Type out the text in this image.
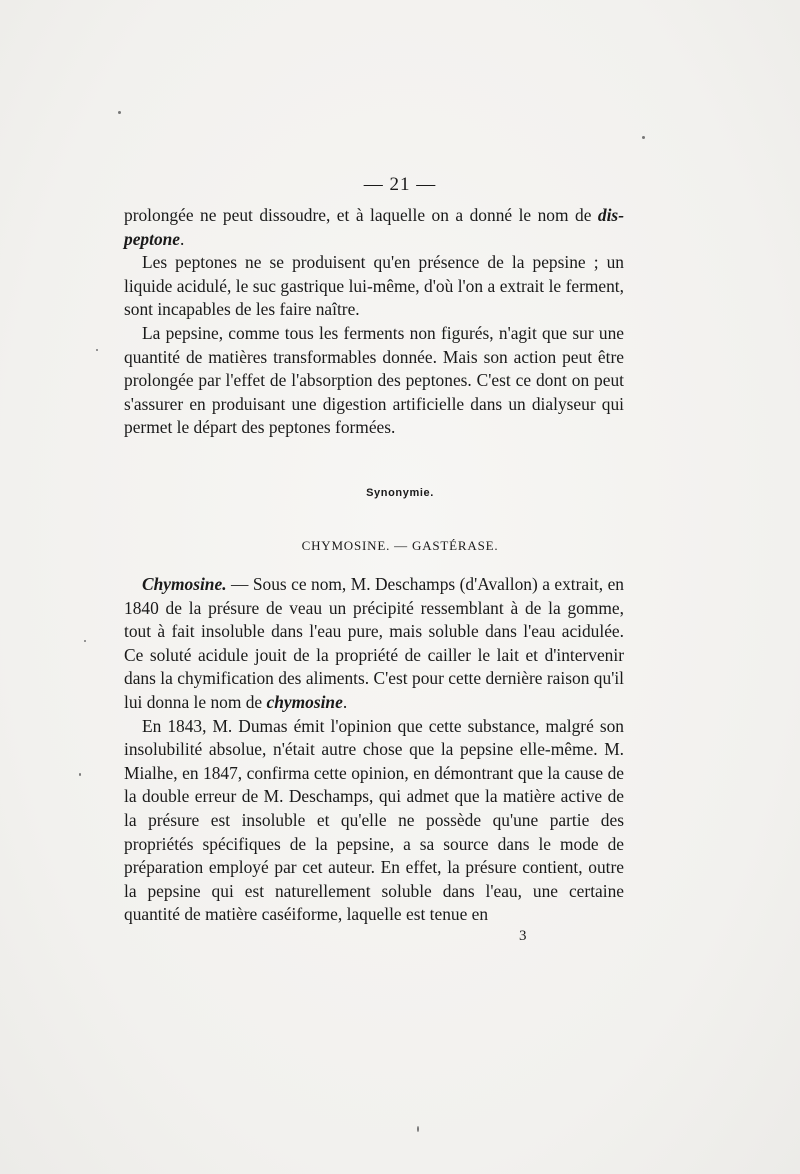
— 21 —

prolongée ne peut dissoudre, et à laquelle on a donné le nom de dis-peptone.

Les peptones ne se produisent qu'en présence de la pepsine ; un liquide acidulé, le suc gastrique lui-même, d'où l'on a extrait le ferment, sont incapables de les faire naître.

La pepsine, comme tous les ferments non figurés, n'agit que sur une quantité de matières transformables donnée. Mais son action peut être prolongée par l'effet de l'absorption des peptones. C'est ce dont on peut s'assurer en produisant une digestion artificielle dans un dialyseur qui permet le départ des peptones formées.

Synonymie.
CHYMOSINE. — GASTÉRASE.

Chymosine. — Sous ce nom, M. Deschamps (d'Avallon) a extrait, en 1840 de la présure de veau un précipité ressemblant à de la gomme, tout à fait insoluble dans l'eau pure, mais soluble dans l'eau acidulée. Ce soluté acidule jouit de la propriété de cailler le lait et d'intervenir dans la chymification des aliments. C'est pour cette dernière raison qu'il lui donna le nom de chymosine.

En 1843, M. Dumas émit l'opinion que cette substance, malgré son insolubilité absolue, n'était autre chose que la pepsine elle-même. M. Mialhe, en 1847, confirma cette opinion, en démontrant que la cause de la double erreur de M. Deschamps, qui admet que la matière active de la présure est insoluble et qu'elle ne possède qu'une partie des propriétés spécifiques de la pepsine, a sa source dans le mode de préparation employé par cet auteur. En effet, la présure contient, outre la pepsine qui est naturellement soluble dans l'eau, une certaine quantité de matière caséiforme, laquelle est tenue en

3
